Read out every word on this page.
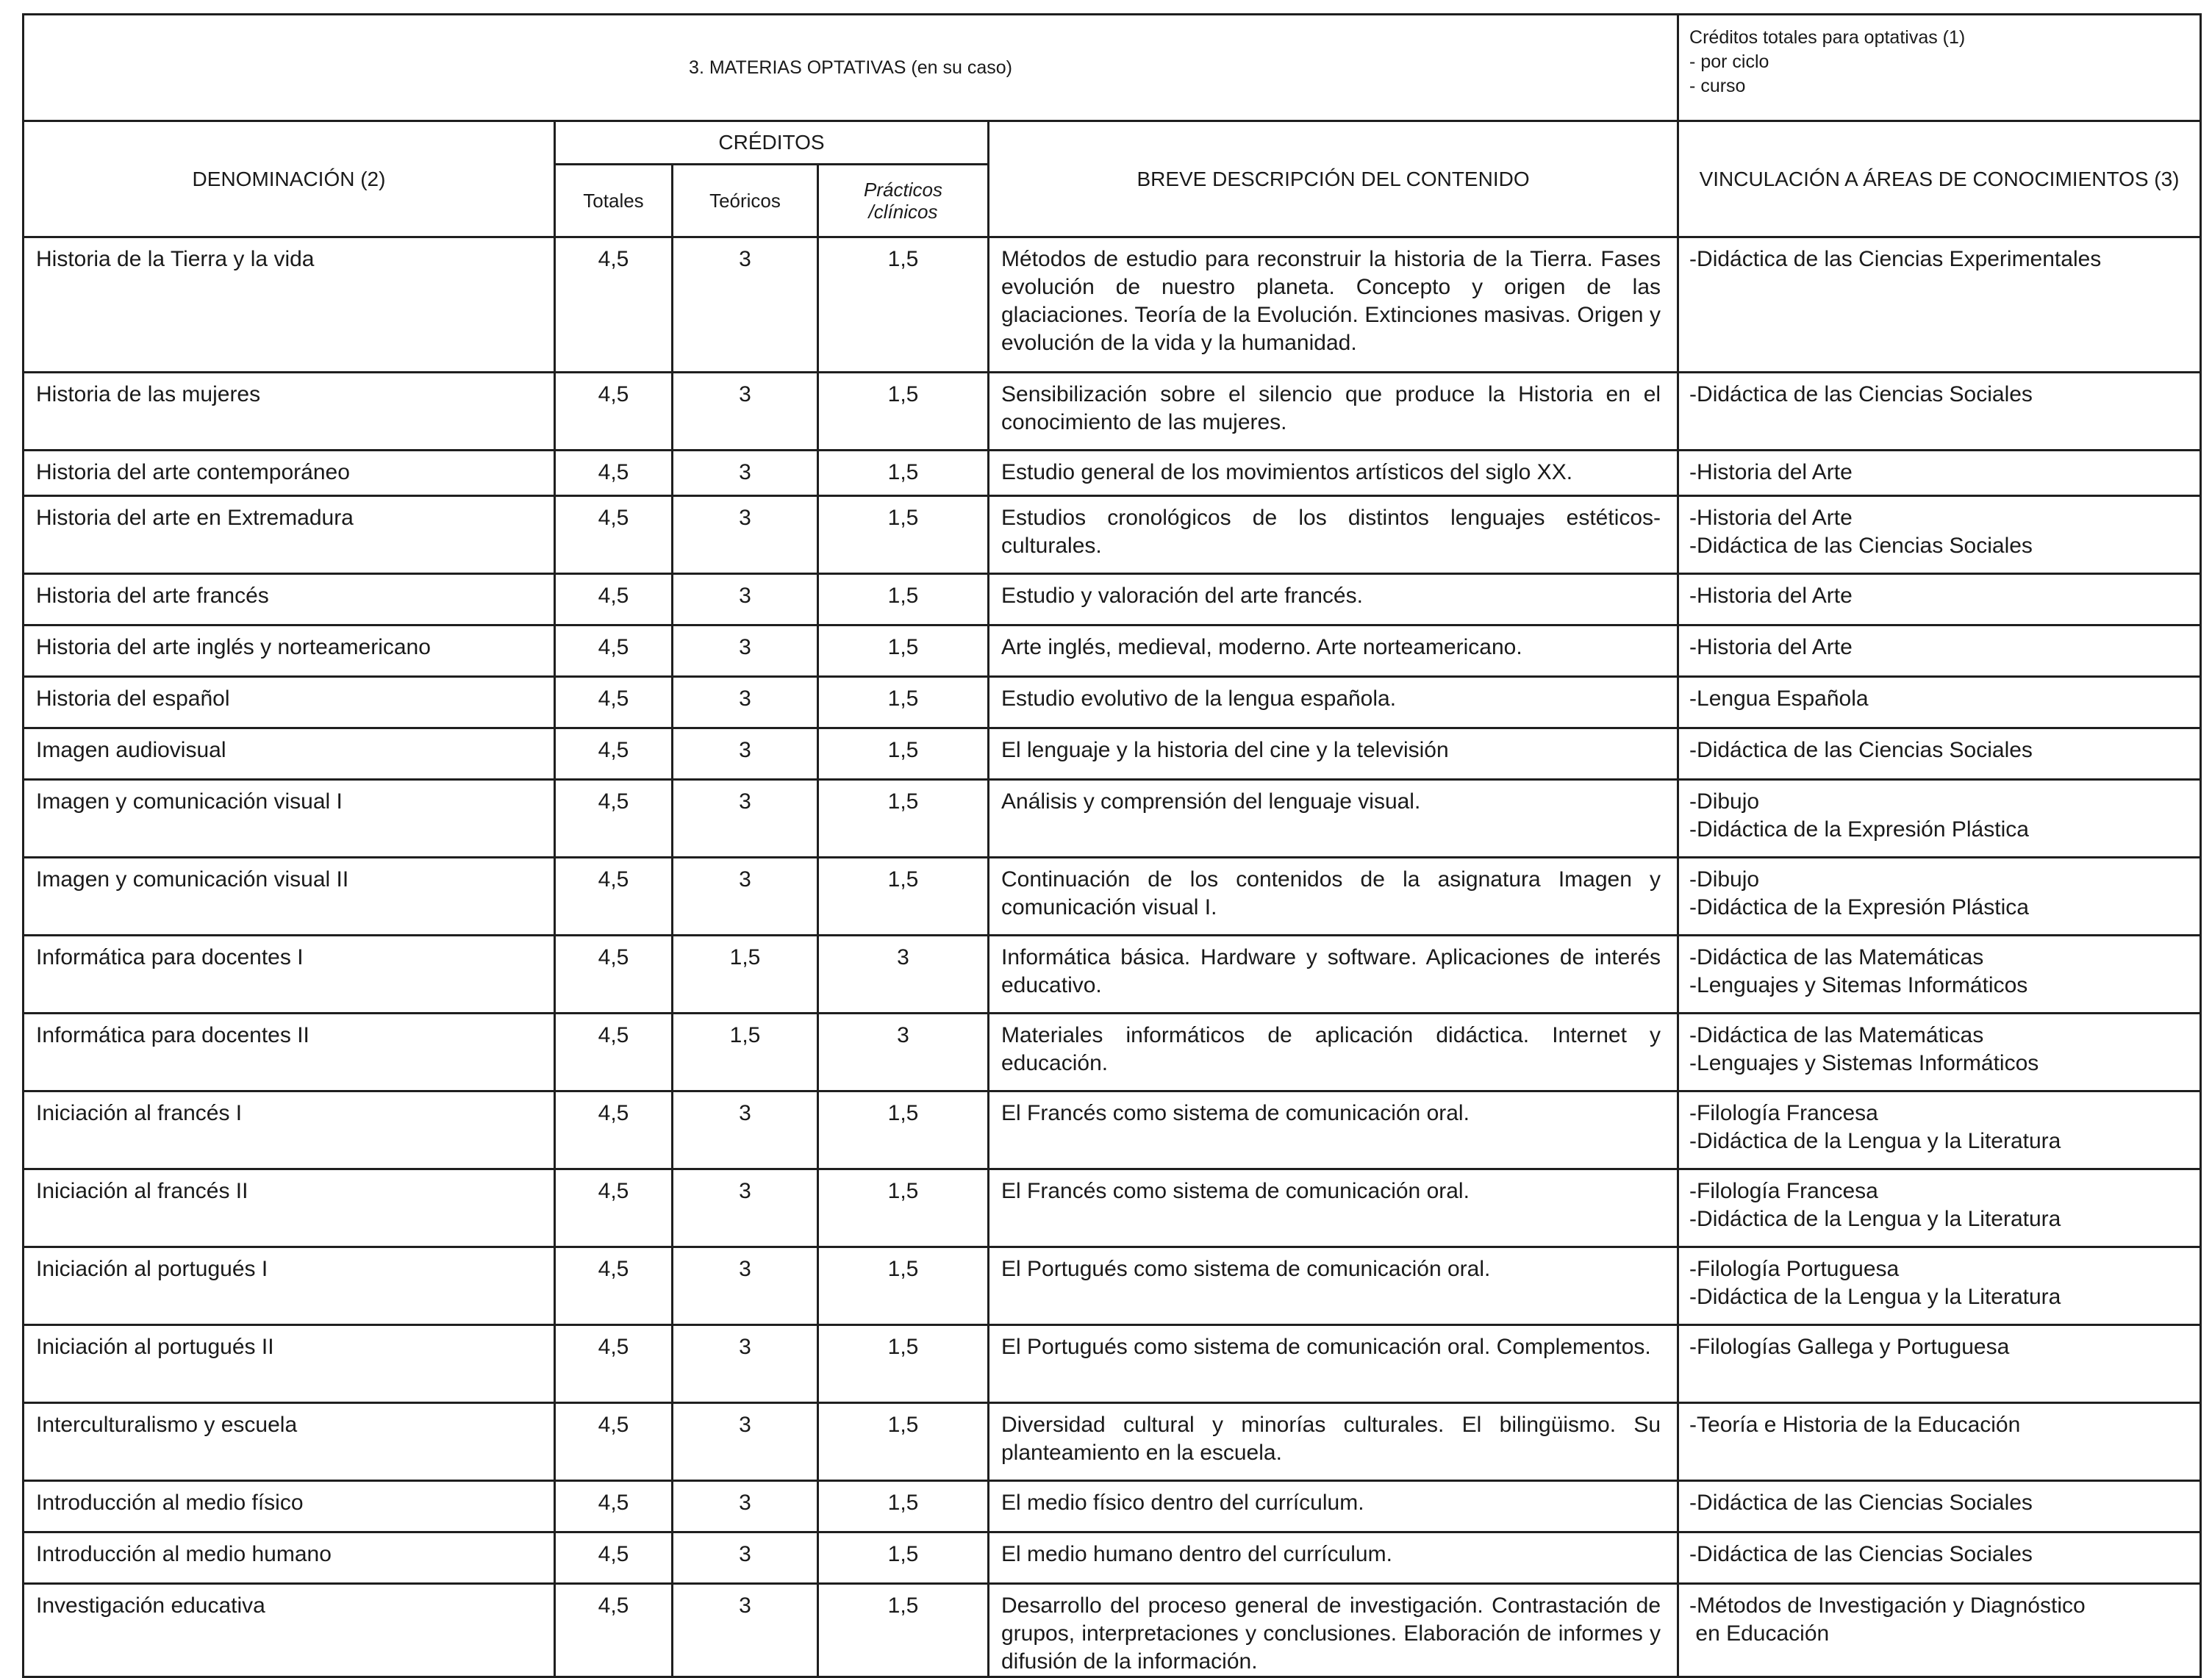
3. MATERIAS OPTATIVAS (en su caso)					Créditos totales para optativas (1)
- por ciclo
- curso

DENOMINACIÓN (2)	CRÉDITOS			BREVE DESCRIPCIÓN DEL CONTENIDO	VINCULACIÓN A ÁREAS DE CONOCIMIENTOS (3)
	Totales	Teóricos	Prácticos
/clínicos		

Historia de la Tierra y la vida	4,5	3	1,5	Métodos de estudio para reconstruir la historia de la Tierra. Fases evolución de nuestro planeta. Concepto y origen de las glaciaciones. Teoría de la Evolución. Extinciones masivas. Origen y evolución de la vida y la humanidad.	-Didáctica de las Ciencias Experimentales

Historia de las mujeres	4,5	3	1,5	Sensibilización sobre el silencio que produce la Historia en el conocimiento de las mujeres.	-Didáctica de las Ciencias Sociales

Historia del arte contemporáneo	4,5	3	1,5	Estudio general de los movimientos artísticos del siglo XX.	-Historia del Arte

Historia del arte en Extremadura	4,5	3	1,5	Estudios cronológicos de los distintos lenguajes estéticos-culturales.	-Historia del Arte
-Didáctica de las Ciencias Sociales

Historia del arte francés	4,5	3	1,5	Estudio y valoración del arte francés.	-Historia del Arte

Historia del arte inglés y norteamericano	4,5	3	1,5	Arte inglés, medieval, moderno. Arte norteamericano.	-Historia del Arte

Historia del español	4,5	3	1,5	Estudio evolutivo de la lengua española.	-Lengua Española

Imagen audiovisual	4,5	3	1,5	El lenguaje y la historia del cine y la televisión	-Didáctica de las Ciencias Sociales

Imagen y comunicación visual I	4,5	3	1,5	Análisis y comprensión del lenguaje visual.	-Dibujo
-Didáctica de la Expresión Plástica

Imagen y comunicación visual II	4,5	3	1,5	Continuación de los contenidos de la asignatura Imagen y comunicación visual I.	-Dibujo
-Didáctica de la Expresión Plástica

Informática para docentes I	4,5	1,5	3	Informática básica. Hardware y software. Aplicaciones de interés educativo.	-Didáctica de las Matemáticas
-Lenguajes y Sitemas Informáticos

Informática para docentes II	4,5	1,5	3	Materiales informáticos de aplicación didáctica. Internet y educación.	-Didáctica de las Matemáticas
-Lenguajes y Sistemas Informáticos

Iniciación al francés I	4,5	3	1,5	El Francés como sistema de comunicación oral.	-Filología Francesa
-Didáctica de la Lengua y la Literatura

Iniciación al francés II	4,5	3	1,5	El Francés como sistema de comunicación oral.	-Filología Francesa
-Didáctica de la Lengua y la Literatura

Iniciación al portugués I	4,5	3	1,5	El Portugués como sistema de comunicación oral.	-Filología Portuguesa
-Didáctica de la Lengua y la Literatura

Iniciación al portugués II	4,5	3	1,5	El Portugués como sistema de comunicación oral. Complementos.	-Filologías Gallega y Portuguesa

Interculturalismo y escuela	4,5	3	1,5	Diversidad cultural y minorías culturales. El bilingüismo. Su planteamiento en la escuela.	-Teoría e Historia de la Educación

Introducción al medio físico	4,5	3	1,5	El medio físico dentro del currículum.	-Didáctica de las Ciencias Sociales

Introducción al medio humano	4,5	3	1,5	El medio humano dentro del currículum.	-Didáctica de las Ciencias Sociales

Investigación educativa	4,5	3	1,5	Desarrollo del proceso general de investigación. Contrastación de grupos, interpretaciones y conclusiones. Elaboración de informes y difusión de la información.	-Métodos de Investigación y Diagnóstico
en Educación
